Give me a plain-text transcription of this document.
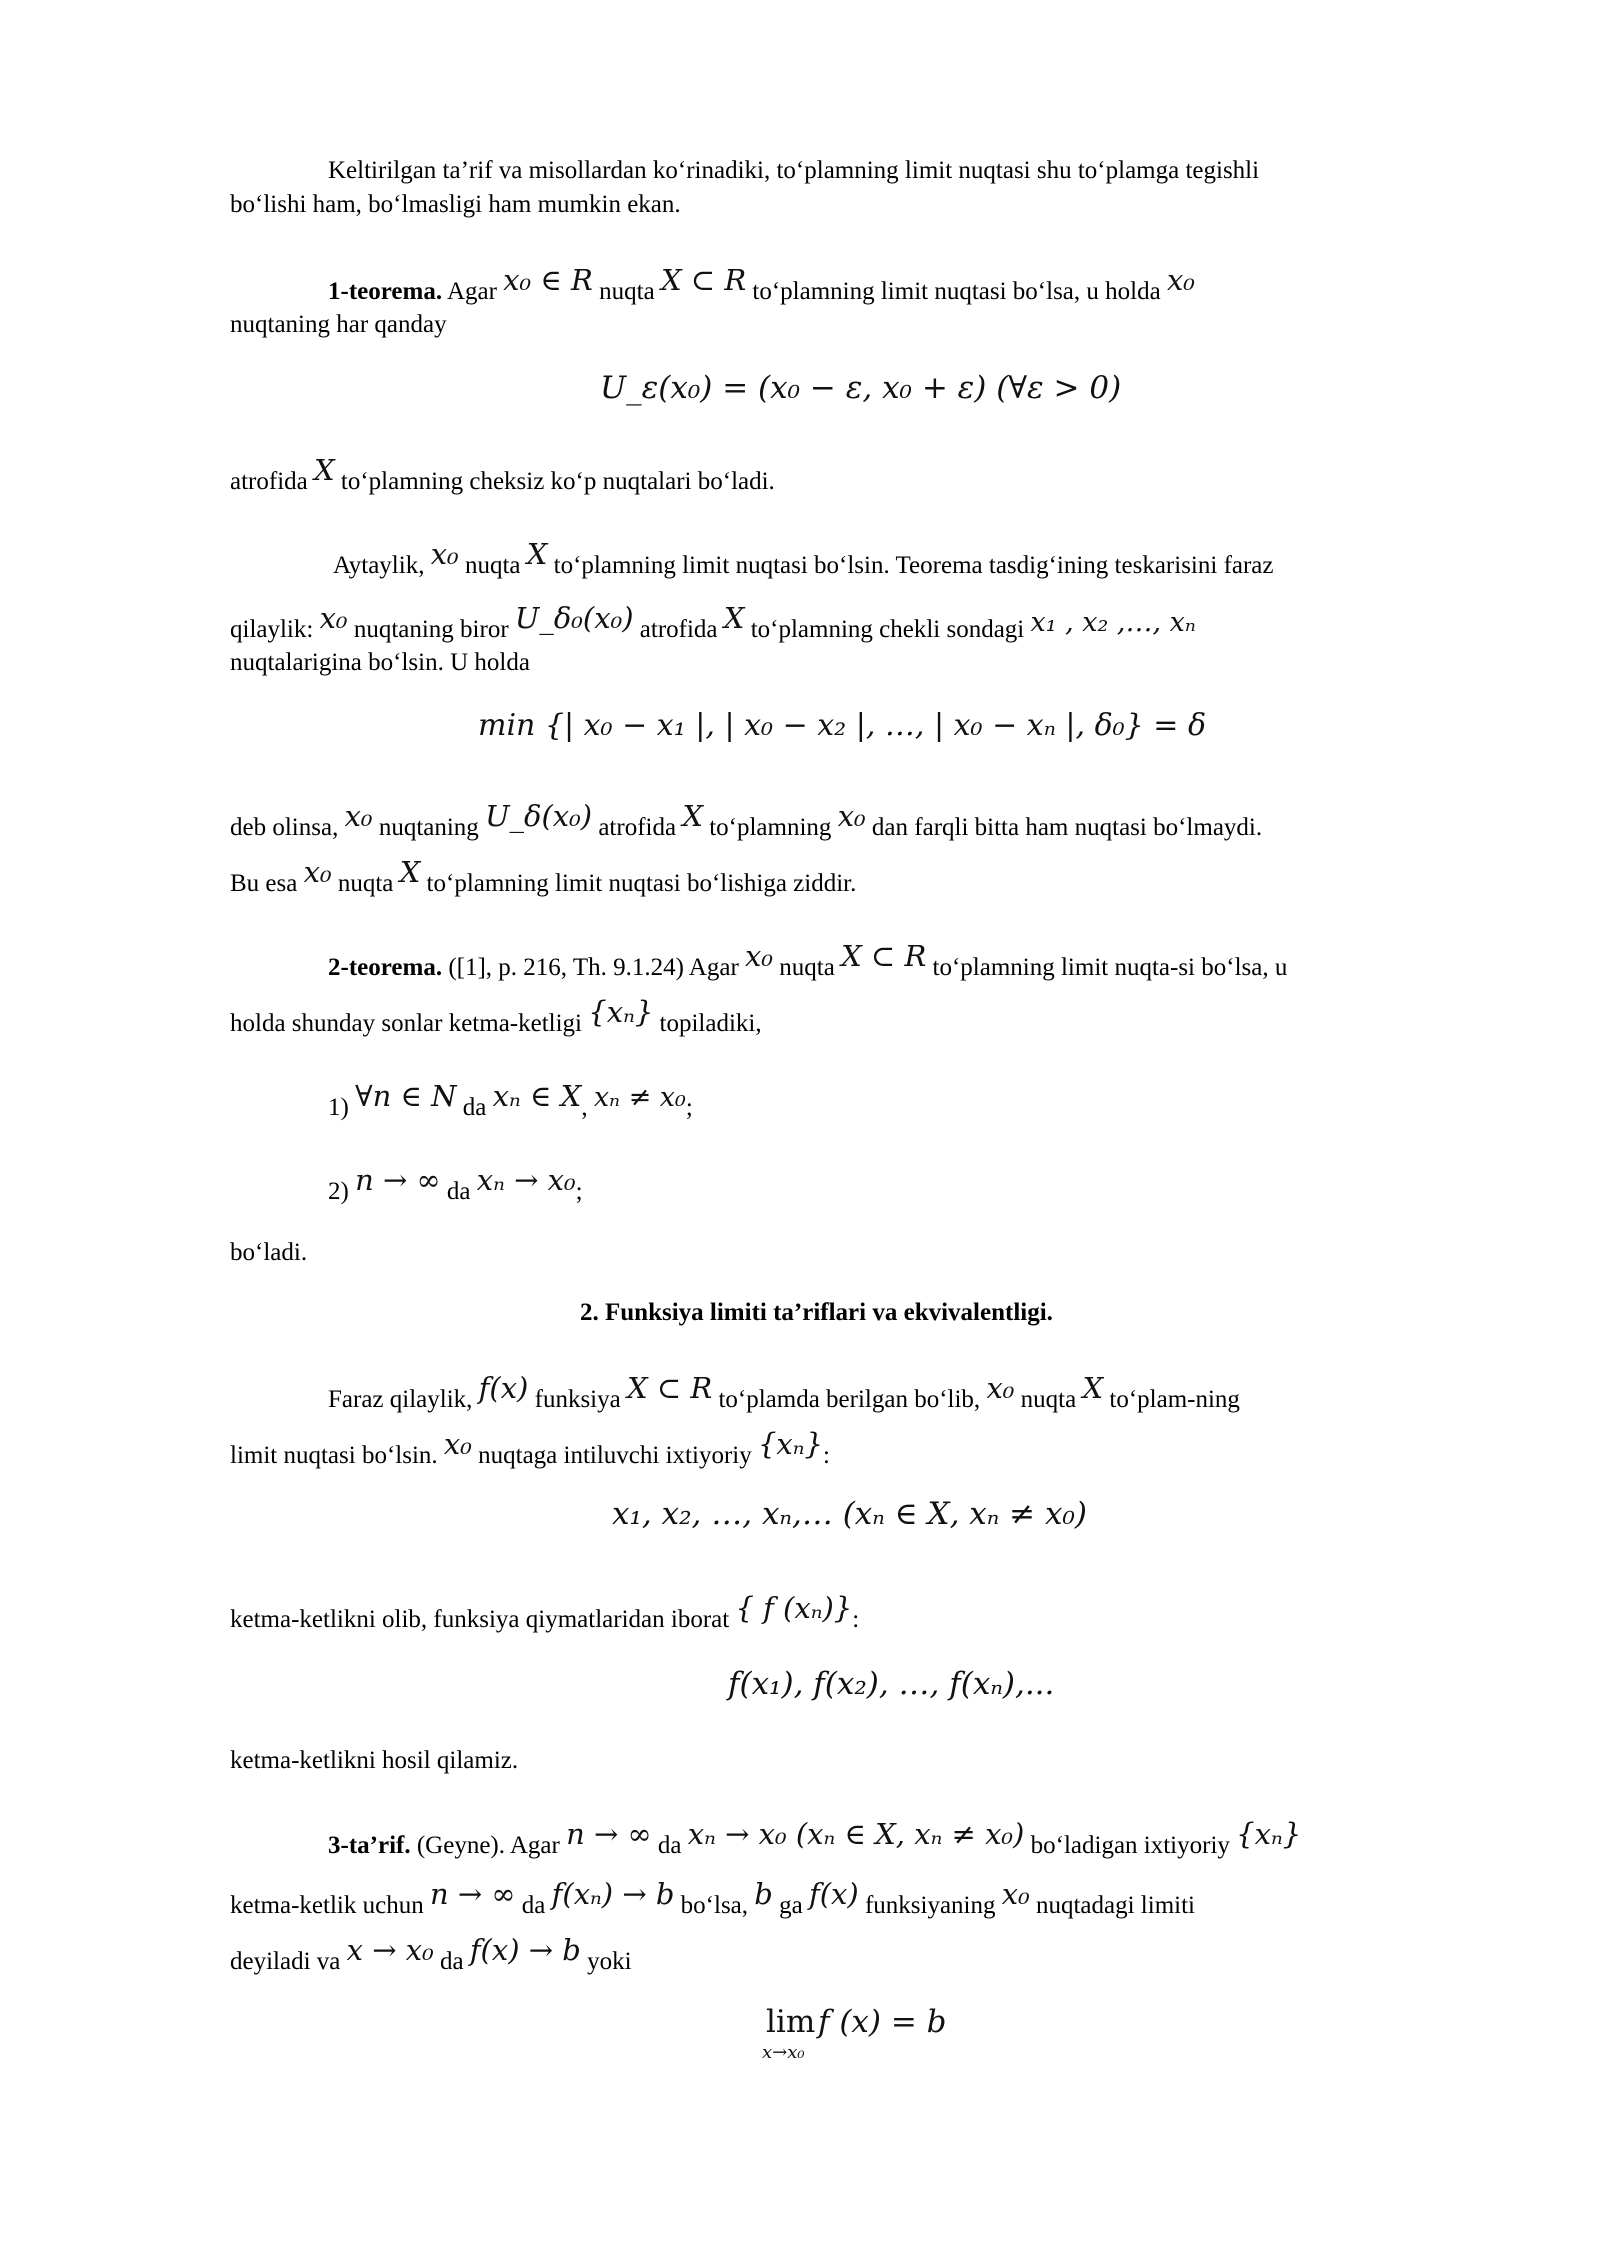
Keltirilgan ta’rif va misollardan ko‘rinadiki, to‘plamning limit nuqtasi shu to‘plamga tegishli
bo‘lishi ham, bo‘lmasligi ham mumkin ekan.
1-teorema. Agar x₀ ∈ R nuqta X ⊂ R to‘plamning limit nuqtasi bo‘lsa, u holda x₀
nuqtaning har qanday
U_ε(x₀) = (x₀ − ε, x₀ + ε) (∀ε > 0)
atrofida X to‘plamning cheksiz ko‘p nuqtalari bo‘ladi.
Aytaylik, x₀ nuqta X to‘plamning limit nuqtasi bo‘lsin. Teorema tasdig‘ining teskarisini faraz
qilaylik: x₀ nuqtaning biror U_δ₀(x₀) atrofida X to‘plamning chekli sondagi x₁ , x₂ ,…, xₙ
nuqtalariginа bo‘lsin. U holda
min {| x₀ − x₁ |, | x₀ − x₂ |, …, | x₀ − xₙ |, δ₀} = δ
deb olinsa, x₀ nuqtaning U_δ(x₀) atrofida X to‘plamning x₀ dan farqli bitta ham nuqtasi bo‘lmaydi.
Bu esa x₀ nuqta X to‘plamning limit nuqtasi bo‘lishiga ziddir.
2-teorema. ([1], p. 216, Th. 9.1.24) Agar x₀ nuqta X ⊂ R to‘plamning limit nuqta-si bo‘lsa, u
holda shunday sonlar ketma-ketligi {xₙ} topiladiki,
1) ∀n ∈ N da xₙ ∈ X, xₙ ≠ x₀;
2) n → ∞ da xₙ → x₀;
bo‘ladi.
2. Funksiya limiti ta’riflari va ekvivalentligi.
Faraz qilaylik, f(x) funksiya X ⊂ R to‘plamda berilgan bo‘lib, x₀ nuqta X to‘plam-ning
limit nuqtasi bo‘lsin. x₀ nuqtaga intiluvchi ixtiyoriy {xₙ}:
x₁, x₂, …, xₙ,… (xₙ ∈ X, xₙ ≠ x₀)
ketma-ketlikni olib, funksiya qiymatlaridan iborat { f (xₙ)}:
f(x₁), f(x₂), …, f(xₙ),...
ketma-ketlikni hosil qilamiz.
3-ta’rif. (Geyne). Agar n → ∞ da xₙ → x₀ (xₙ ∈ X, xₙ ≠ x₀) bo‘ladigan ixtiyoriy {xₙ}
ketma-ketlik uchun n → ∞ da f(xₙ) → b bo‘lsa, b ga f(x) funksiyaning x₀ nuqtadagi limiti
deyiladi va x → x₀ da f(x) → b yoki
lim
x→x₀
f (x) = b
